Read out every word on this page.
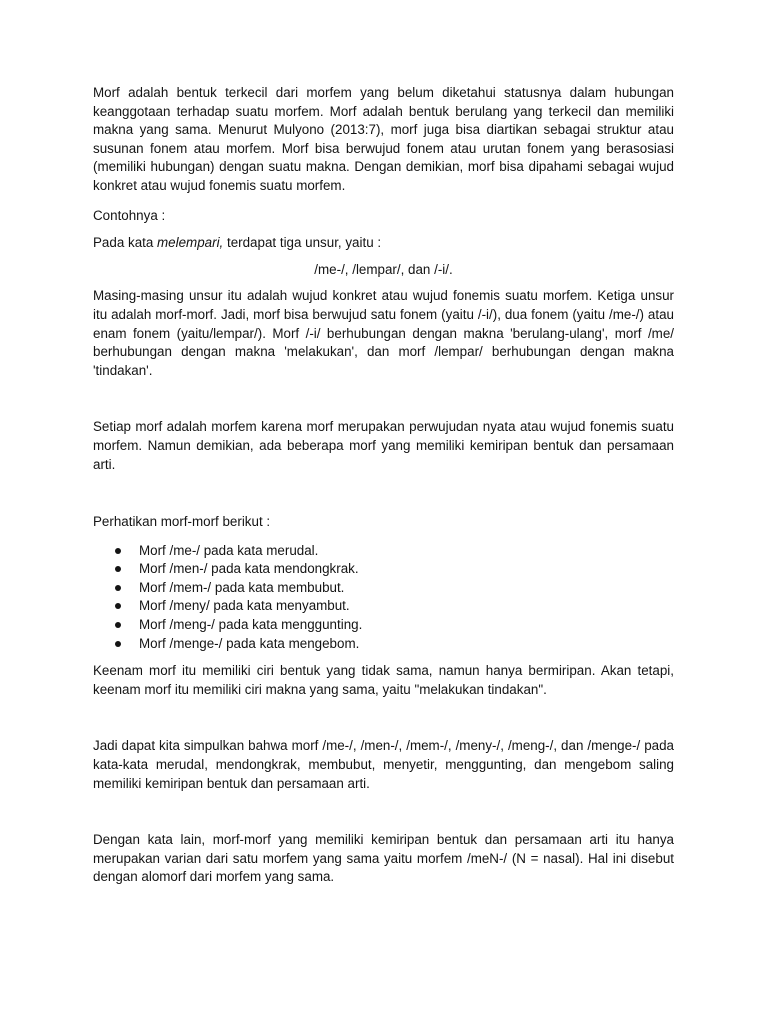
Morf adalah bentuk terkecil dari morfem yang belum diketahui statusnya dalam hubungan keanggotaan terhadap suatu morfem. Morf adalah bentuk berulang yang terkecil dan memiliki makna yang sama. Menurut Mulyono (2013:7), morf juga bisa diartikan sebagai struktur atau susunan fonem atau morfem. Morf bisa berwujud fonem atau urutan fonem yang berasosiasi (memiliki hubungan) dengan suatu makna. Dengan demikian, morf bisa dipahami sebagai wujud konkret atau wujud fonemis suatu morfem.

Contohnya :

Pada kata melempari, terdapat tiga unsur, yaitu :

/me-/, /lempar/, dan /-i/.

Masing-masing unsur itu adalah wujud konkret atau wujud fonemis suatu morfem. Ketiga unsur itu adalah morf-morf. Jadi, morf bisa berwujud satu fonem (yaitu /-i/), dua fonem (yaitu /me-/) atau enam fonem (yaitu/lempar/). Morf /-i/ berhubungan dengan makna 'berulang-ulang', morf /me/ berhubungan dengan makna 'melakukan', dan morf /lempar/ berhubungan dengan makna 'tindakan'.

Setiap morf adalah morfem karena morf merupakan perwujudan nyata atau wujud fonemis suatu morfem. Namun demikian, ada beberapa morf yang memiliki kemiripan bentuk dan persamaan arti.

Perhatikan morf-morf berikut :

Morf /me-/ pada kata merudal.
Morf /men-/ pada kata mendongkrak.
Morf /mem-/ pada kata membubut.
Morf /meny/ pada kata menyambut.
Morf /meng-/ pada kata menggunting.
Morf /menge-/ pada kata mengebom.

Keenam morf itu memiliki ciri bentuk yang tidak sama, namun hanya bermiripan. Akan tetapi, keenam morf itu memiliki ciri makna yang sama, yaitu "melakukan tindakan".

Jadi dapat kita simpulkan bahwa morf /me-/, /men-/, /mem-/, /meny-/, /meng-/, dan /menge-/ pada kata-kata merudal, mendongkrak, membubut, menyetir, menggunting, dan mengebom saling memiliki kemiripan bentuk dan persamaan arti.

Dengan kata lain, morf-morf yang memiliki kemiripan bentuk dan persamaan arti itu hanya merupakan varian dari satu morfem yang sama yaitu morfem /meN-/ (N = nasal). Hal ini disebut dengan alomorf dari morfem yang sama.
